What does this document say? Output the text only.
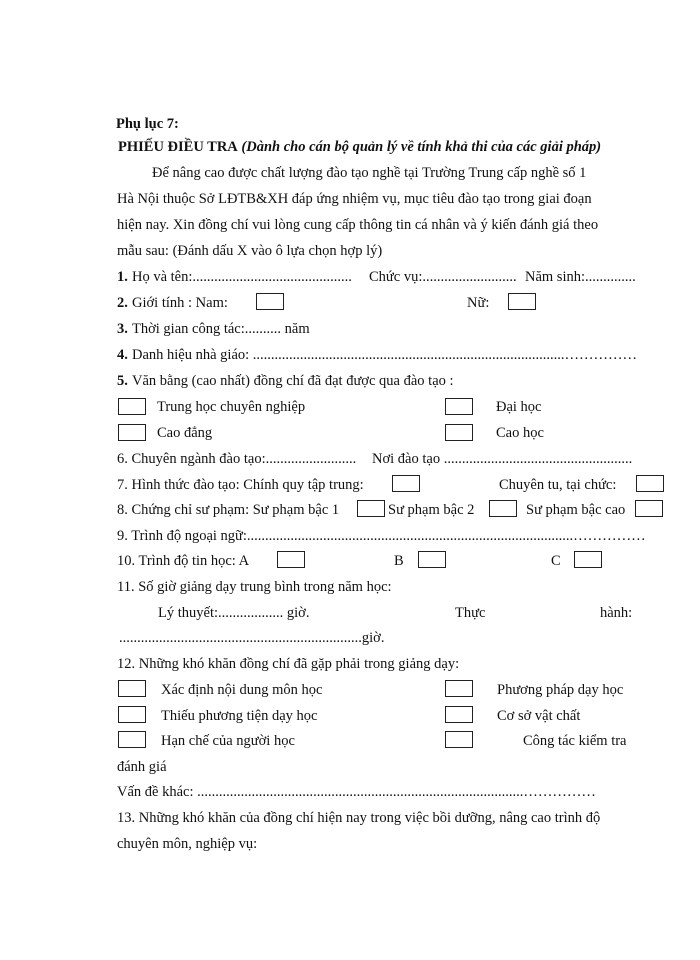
Phụ lục 7:
PHIẾU ĐIỀU TRA (Dành cho cán bộ quản lý về tính khả thi của các giải pháp)
Để nâng cao được chất lượng đào tạo nghề tại Trường Trung cấp nghề số 1
Hà Nội thuộc Sở LĐTB&XH đáp ứng nhiệm vụ, mục tiêu đào tạo trong giai đoạn
hiện nay. Xin đồng chí vui lòng cung cấp thông tin cá nhân và ý kiến đánh giá theo
mẫu sau: (Đánh dấu X vào ô lựa chọn hợp lý)
1. Họ và tên:............................................ Chức vụ:.......................... Năm sinh:..............
2. Giới tính : Nam:	Nữ:
3. Thời gian công tác:.......... năm
4. Danh hiệu nhà giáo: ......................................................................................……………
5. Văn bằng (cao nhất) đồng chí đã đạt được qua đào tạo :
Trung học chuyên nghiệp	Đại học
Cao đẳng	Cao học
6. Chuyên ngành đào tạo:......................... Nơi đào tạo ....................................................
7. Hình thức đào tạo: Chính quy tập trung:	Chuyên tu, tại chức:
8. Chứng chỉ sư phạm: Sư phạm bậc 1	Sư phạm bậc 2	Sư phạm bậc cao
9. Trình độ ngoại ngữ:..........................................................................................……………
10. Trình độ tin học: A	B	C
11. Số giờ giảng dạy trung bình trong năm học:
Lý thuyết:.................. giờ.	Thực	hành:
................................................ ...................giờ.
12. Những khó khăn đồng chí đã gặp phải trong giảng dạy:
Xác định nội dung môn học	Phương pháp dạy học
Thiếu phương tiện dạy học	Cơ sở vật chất
Hạn chế của người học	Công tác kiểm tra
đánh giá
Vấn đề khác: ..........................................................................................……………
13. Những khó khăn của đồng chí hiện nay trong việc bồi dưỡng, nâng cao trình độ
chuyên môn, nghiệp vụ:
